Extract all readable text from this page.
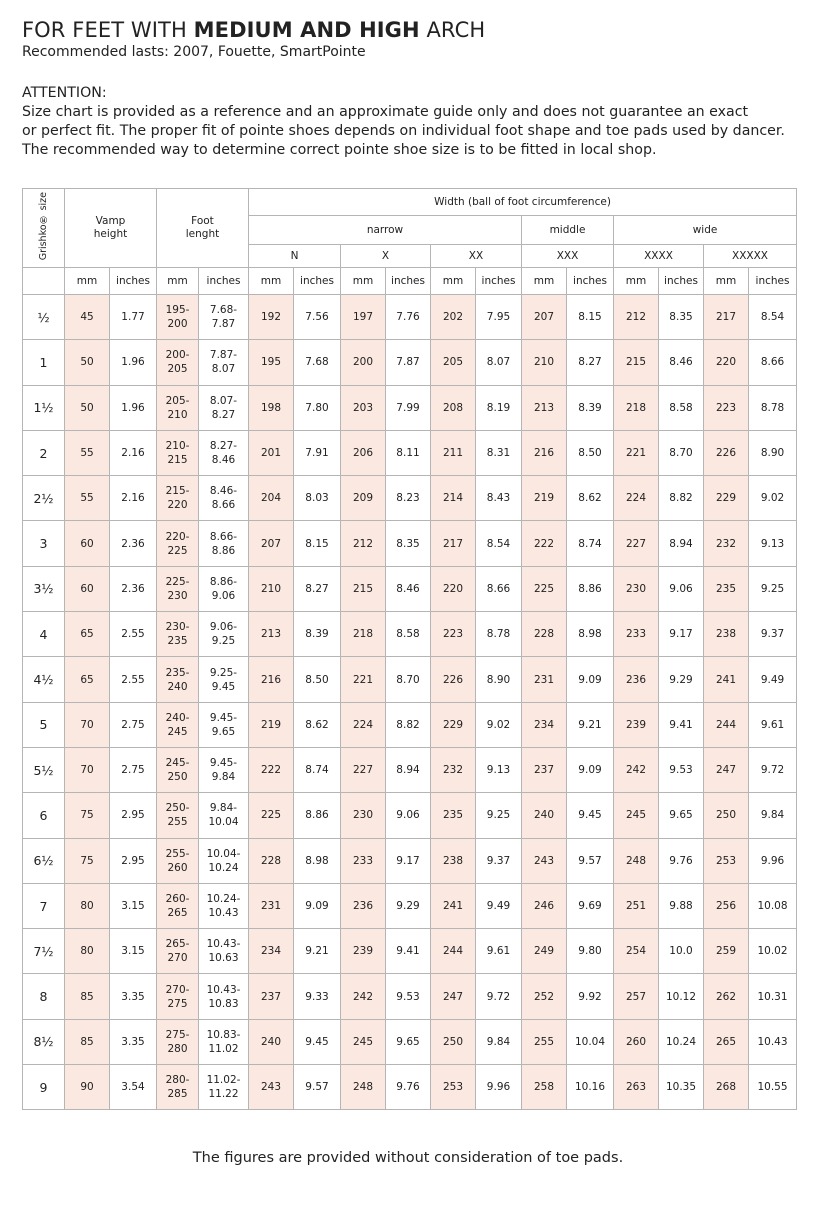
FOR FEET WITH MEDIUM AND HIGH ARCH
Recommended lasts: 2007, Fouette, SmartPointe
ATTENTION:
Size chart is provided as a reference and an approximate guide only and does not guarantee an exact
or perfect fit. The proper fit of pointe shoes depends on individual foot shape and toe pads used by dancer.
The recommended way to determine correct pointe shoe size is to be fitted in local shop.
Grishko® size	Vamp height		Foot lenght		Width (ball of foot circumference)											
					narrow						middle		wide			
					N		X		XX		XXX		XXXX		XXXXX	
	mm	inches	mm	inches	mm	inches	mm	inches	mm	inches	mm	inches	mm	inches	mm	inches
½	45	1.77	195-
200	7.68-
7.87	192	7.56	197	7.76	202	7.95	207	8.15	212	8.35	217	8.54
1	50	1.96	200-
205	7.87-
8.07	195	7.68	200	7.87	205	8.07	210	8.27	215	8.46	220	8.66
1½	50	1.96	205-
210	8.07-
8.27	198	7.80	203	7.99	208	8.19	213	8.39	218	8.58	223	8.78
2	55	2.16	210-
215	8.27-
8.46	201	7.91	206	8.11	211	8.31	216	8.50	221	8.70	226	8.90
2½	55	2.16	215-
220	8.46-
8.66	204	8.03	209	8.23	214	8.43	219	8.62	224	8.82	229	9.02
3	60	2.36	220-
225	8.66-
8.86	207	8.15	212	8.35	217	8.54	222	8.74	227	8.94	232	9.13
3½	60	2.36	225-
230	8.86-
9.06	210	8.27	215	8.46	220	8.66	225	8.86	230	9.06	235	9.25
4	65	2.55	230-
235	9.06-
9.25	213	8.39	218	8.58	223	8.78	228	8.98	233	9.17	238	9.37
4½	65	2.55	235-
240	9.25-
9.45	216	8.50	221	8.70	226	8.90	231	9.09	236	9.29	241	9.49
5	70	2.75	240-
245	9.45-
9.65	219	8.62	224	8.82	229	9.02	234	9.21	239	9.41	244	9.61
5½	70	2.75	245-
250	9.45-
9.84	222	8.74	227	8.94	232	9.13	237	9.09	242	9.53	247	9.72
6	75	2.95	250-
255	9.84-
10.04	225	8.86	230	9.06	235	9.25	240	9.45	245	9.65	250	9.84
6½	75	2.95	255-
260	10.04-
10.24	228	8.98	233	9.17	238	9.37	243	9.57	248	9.76	253	9.96
7	80	3.15	260-
265	10.24-
10.43	231	9.09	236	9.29	241	9.49	246	9.69	251	9.88	256	10.08
7½	80	3.15	265-
270	10.43-
10.63	234	9.21	239	9.41	244	9.61	249	9.80	254	10.0	259	10.02
8	85	3.35	270-
275	10.43-
10.83	237	9.33	242	9.53	247	9.72	252	9.92	257	10.12	262	10.31
8½	85	3.35	275-
280	10.83-
11.02	240	9.45	245	9.65	250	9.84	255	10.04	260	10.24	265	10.43
9	90	3.54	280-
285	11.02-
11.22	243	9.57	248	9.76	253	9.96	258	10.16	263	10.35	268	10.55
The figures are provided without consideration of toe pads.
